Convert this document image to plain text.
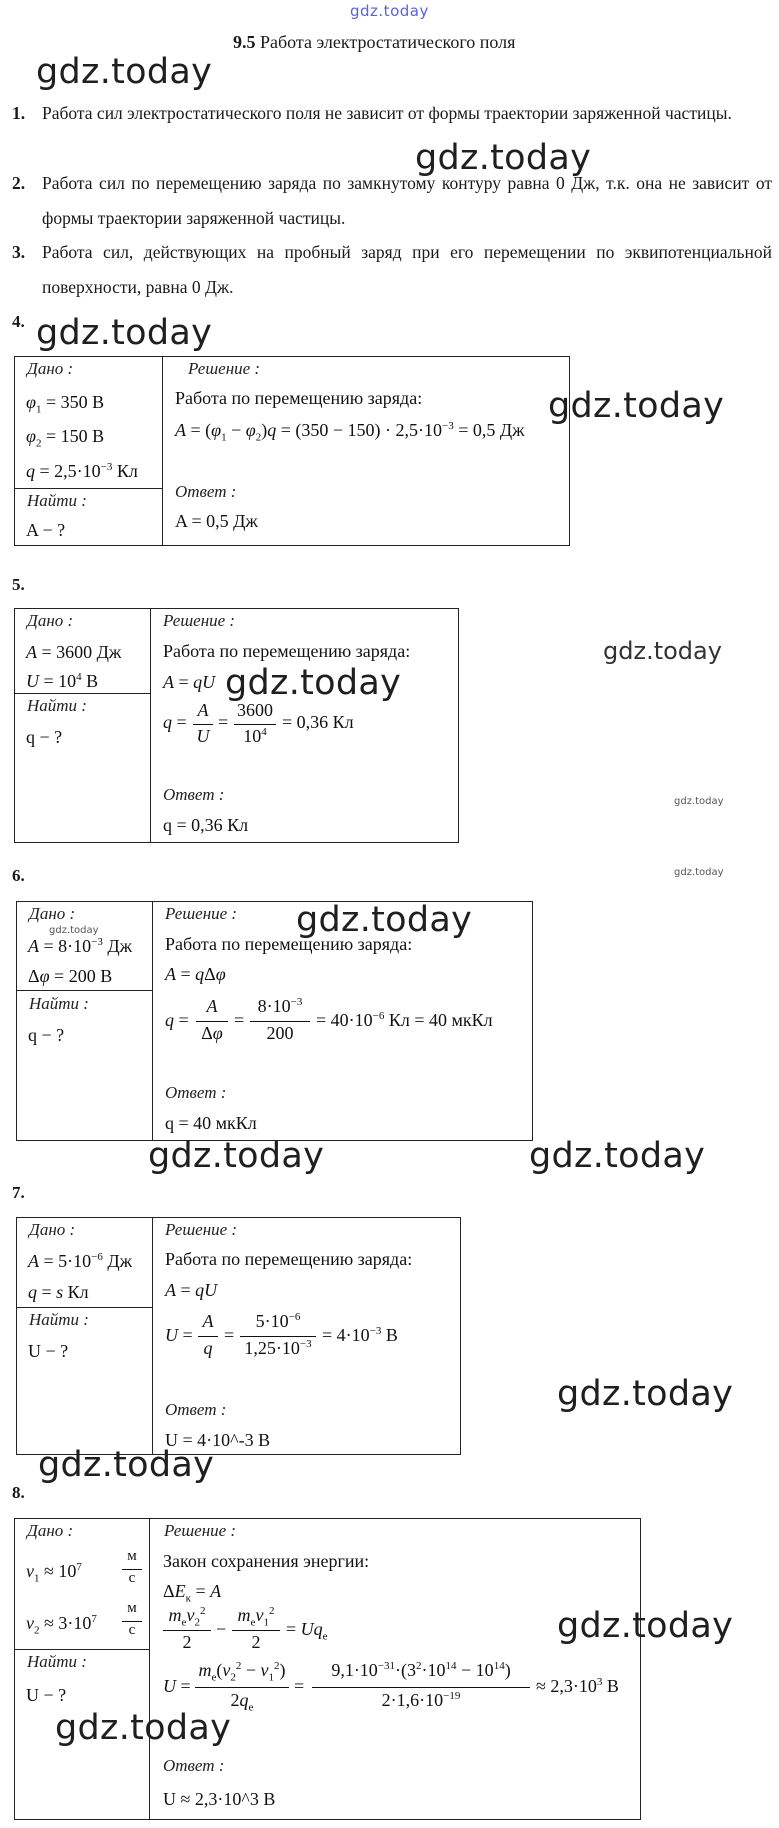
gdz.today
gdz.today
gdz.today
gdz.today
gdz.today
gdz.today
gdz.today
gdz.today
gdz.today
gdz.today
gdz.today
gdz.today	gdz.today
gdz.today
gdz.today
gdz.today
gdz.today
9.5 Работа электростатического поля
1. Работа сил электростатического поля не зависит от формы траектории заряженной частицы.
2. Работа сил по перемещению заряда по замкнутому контуру равна 0 Дж, т.к. она не зависит от формы траектории заряженной частицы.
3. Работа сил, действующих на пробный заряд при его перемещении по эквипотенциальной поверхности, равна 0 Дж.
4.
Дано :
$\varphi_1 = 350$ В
$\varphi_2 = 150$ В
$q = 2,5\cdot 10^{-3}$ Кл
Найти :
A − ?
Решение :
Работа по перемещению заряда:
$A = (\varphi_1 - \varphi_2)q = (350 - 150) \cdot 2,5\cdot 10^{-3} = 0,5$ Дж
Ответ :
A = 0,5 Дж
5.
Дано :
A = 3600 Дж
$U = 10^4$ В
Найти :
q − ?
Решение :
Работа по перемещению заряда:
A = qU
q =
A
U
=
3600
$10^4 = 0,36$ Кл
Ответ :
q = 0,36 Кл
6.
Дано :
$A = 8\cdot 10^{-3}$ Дж
Δφ = 200 В
Найти :
q − ?
Решение :
Работа по перемещению заряда:
A = qΔφ
q =
A
Δφ
=
$8\cdot 10^{-3}$
200
= $40\cdot 10^{-6}$ Кл = 40 мкКл
Ответ :
q = 40 мкКл
7.
Дано :
$A = 5\cdot 10^{-6}$ Дж
q = s Кл
Найти :
U − ?
Решение :
Работа по перемещению заряда:
A = qU
U =
A
q
=
$5\cdot 10^{-6}$
$1,25\cdot 10^{-3} = 4\cdot 10^{-3}$ В
Ответ :
U = 4·10^-3 В
8.
Дано :
$v_1 \approx 10^7$
м
с
$v_2 \approx 3\cdot 10^7$
м
с
Найти :
U − ?
Решение :
Закон сохранения энергии:
$\Delta E_к = A$
$m_ev_2^2$
2
−
$m_ev_1^2$
2
= $Uq_e$
U =
$m_e(v_2^2 - v_1^2)$
$2q_e$
=
$9,1\cdot 10^{-31}\cdot(3^2\cdot 10^{14} - 10^{14})$
$2\cdot 1,6\cdot 10^{-19}$	≈ $2,3\cdot 10^3$ В
Ответ :
U ≈ 2,3·10^3 В
